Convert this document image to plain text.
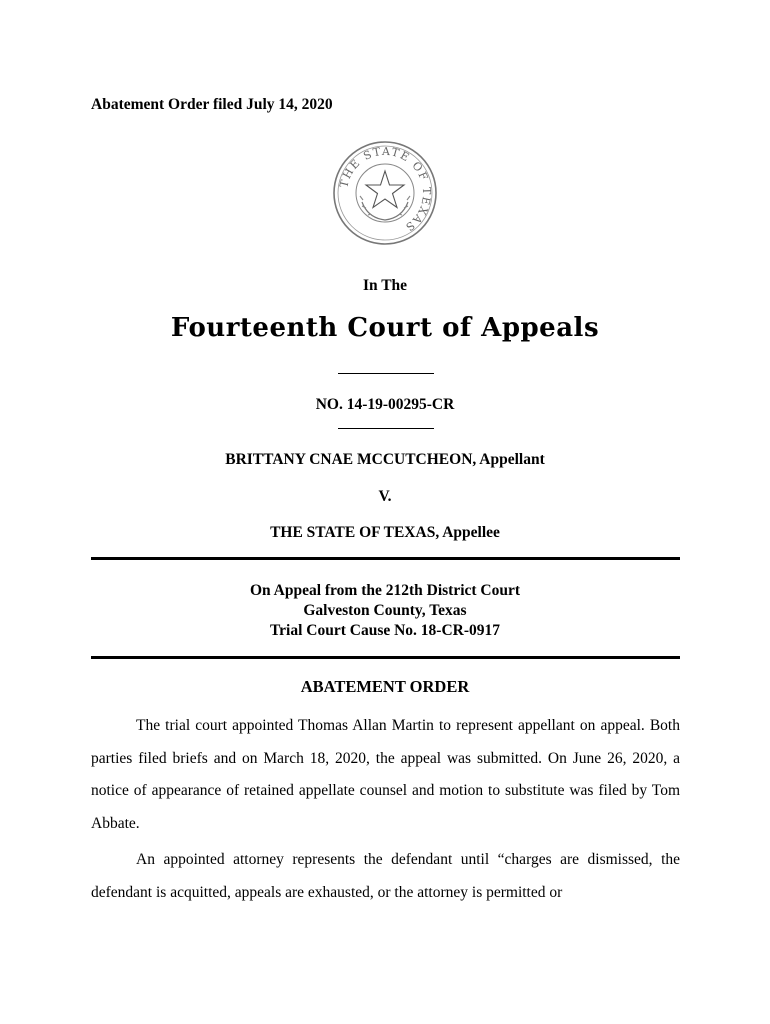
Abatement Order filed July 14, 2020
THE STATE OF TEXAS
In The
Fourteenth Court of Appeals
NO. 14-19-00295-CR
BRITTANY CNAE MCCUTCHEON, Appellant
V.
THE STATE OF TEXAS, Appellee
On Appeal from the 212th District Court
Galveston County, Texas
Trial Court Cause No. 18-CR-0917
ABATEMENT ORDER

The trial court appointed Thomas Allan Martin to represent appellant on appeal. Both parties filed briefs and on March 18, 2020, the appeal was submitted. On June 26, 2020, a notice of appearance of retained appellate counsel and motion to substitute was filed by Tom Abbate.

An appointed attorney represents the defendant until “charges are dismissed, the defendant is acquitted, appeals are exhausted, or the attorney is permitted or
